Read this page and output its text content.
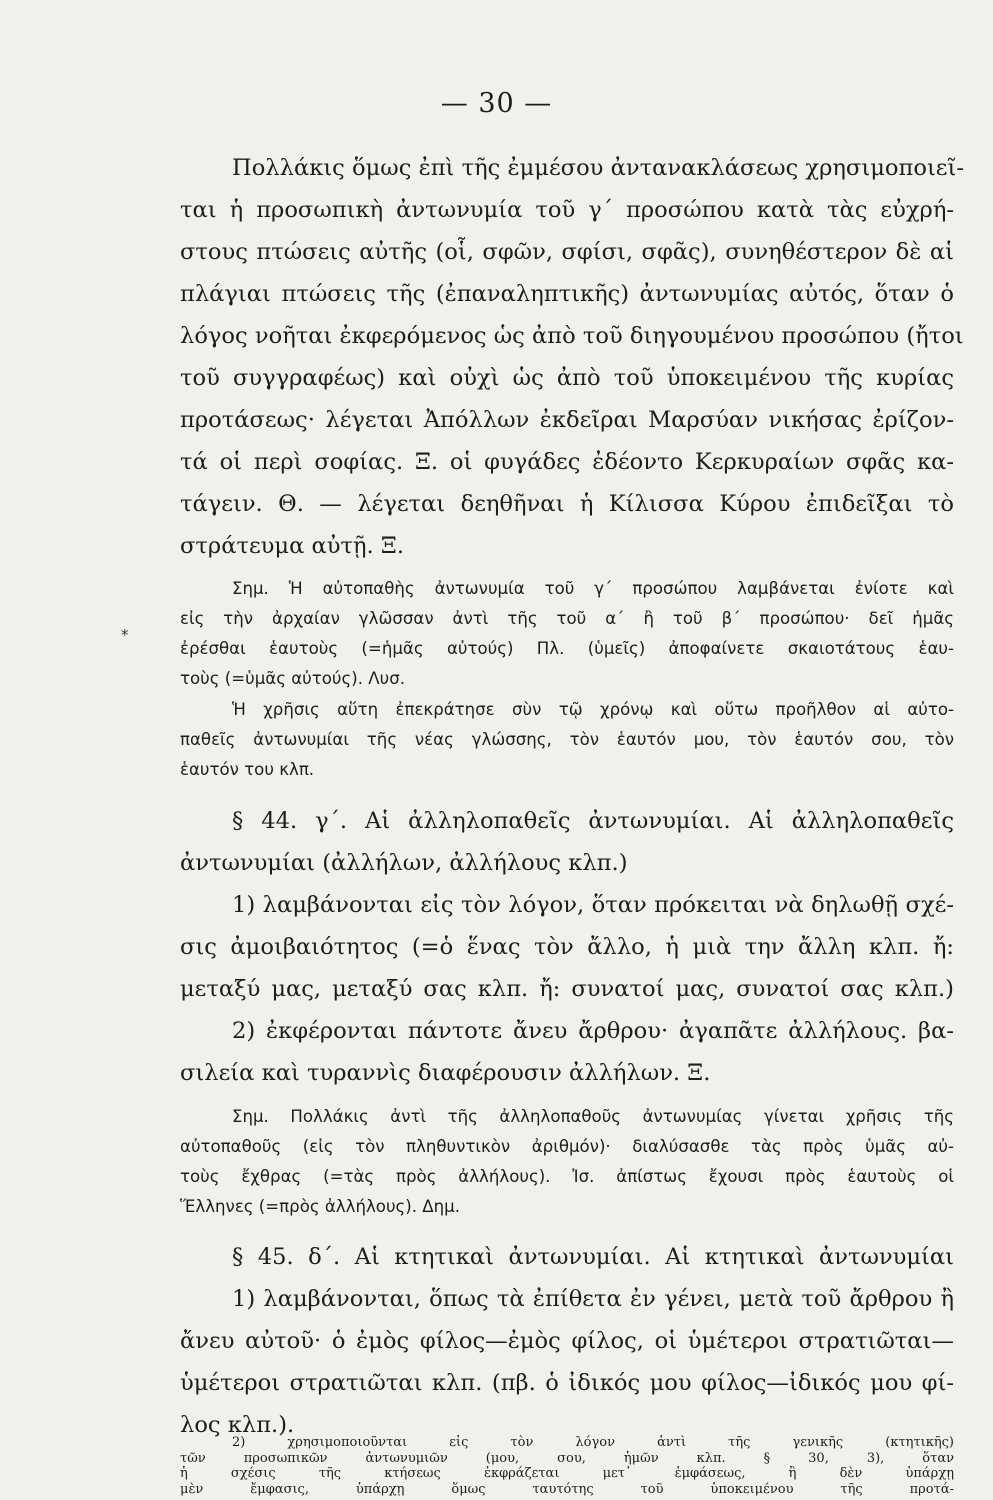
— 30 —
Πολλάκις ὅμως ἐπὶ τῆς ἐμμέσου ἀντανακλάσεως χρησιμοποιεῖ-
ται ἡ προσωπικὴ ἀντωνυμία τοῦ γ΄ προσώπου κατὰ τὰς εὐχρή-
στους πτώσεις αὐτῆς (οἷ, σφῶν, σφίσι, σφᾶς), συνηθέστερον δὲ αἱ
πλάγιαι πτώσεις τῆς (ἐπαναληπτικῆς) ἀντωνυμίας αὐτός, ὅταν ὁ
λόγος νοῆται ἐκφερόμενος ὡς ἀπὸ τοῦ διηγουμένου προσώπου (ἤτοι
τοῦ συγγραφέως) καὶ οὐχὶ ὡς ἀπὸ τοῦ ὑποκειμένου τῆς κυρίας
προτάσεως· λέγεται Ἀπόλλων ἐκδεῖραι Μαρσύαν νικήσας ἐρίζον-
τά οἱ περὶ σοφίας. Ξ. οἱ φυγάδες ἐδέοντο Κερκυραίων σφᾶς κα-
τάγειν. Θ. — λέγεται δεηθῆναι ἡ Κίλισσα Κύρου ἐπιδεῖξαι τὸ
στράτευμα αὐτῇ. Ξ.
Σημ. Ἡ αὐτοπαθὴς ἀντωνυμία τοῦ γ΄ προσώπου λαμβάνεται ἐνίοτε καὶ
εἰς τὴν ἀρχαίαν γλῶσσαν ἀντὶ τῆς τοῦ α΄ ἢ τοῦ β΄ προσώπου· δεῖ ἡμᾶς
ἐρέσθαι ἑαυτοὺς (=ἡμᾶς αὐτούς) Πλ. (ὑμεῖς) ἀποφαίνετε σκαιοτάτους ἑαυ-
τοὺς (=ὑμᾶς αὐτούς). Λυσ.
Ἡ χρῆσις αὕτη ἐπεκράτησε σὺν τῷ χρόνῳ καὶ οὕτω προῆλθον αἱ αὐτο-
παθεῖς ἀντωνυμίαι τῆς νέας γλώσσης, τὸν ἑαυτόν μου, τὸν ἑαυτόν σου, τὸν
ἑαυτόν του κλπ.
*
§ 44. γ΄. Αἱ ἀλληλοπαθεῖς ἀντωνυμίαι. Αἱ ἀλληλοπαθεῖς
ἀντωνυμίαι (ἀλλήλων, ἀλλήλους κλπ.)
1) λαμβάνονται εἰς τὸν λόγον, ὅταν πρόκειται νὰ δηλωθῇ σχέ-
σις ἀμοιβαιότητος (=ὁ ἕνας τὸν ἄλλο, ἡ μιὰ την ἄλλη κλπ. ἤ:
μεταξύ μας, μεταξύ σας κλπ. ἤ: συνατοί μας, συνατοί σας κλπ.)
2) ἐκφέρονται πάντοτε ἄνευ ἄρθρου· ἀγαπᾶτε ἀλλήλους. βα-
σιλεία καὶ τυραννὶς διαφέρουσιν ἀλλήλων. Ξ.
Σημ. Πολλάκις ἀντὶ τῆς ἀλληλοπαθοῦς ἀντωνυμίας γίνεται χρῆσις τῆς
αὐτοπαθοῦς (εἰς τὸν πληθυντικὸν ἀριθμόν)· διαλύσασθε τὰς πρὸς ὑμᾶς αὐ-
τοὺς ἔχθρας (=τὰς πρὸς ἀλλήλους). Ἰσ. ἀπίστως ἔχουσι πρὸς ἑαυτοὺς οἱ
Ἕλληνες (=πρὸς ἀλλήλους). Δημ.
§ 45. δ΄. Αἱ κτητικαὶ ἀντωνυμίαι. Αἱ κτητικαὶ ἀντωνυμίαι
1) λαμβάνονται, ὅπως τὰ ἐπίθετα ἐν γένει, μετὰ τοῦ ἄρθρου ἢ
ἄνευ αὐτοῦ· ὁ ἐμὸς φίλος—ἐμὸς φίλος, οἱ ὑμέτεροι στρατιῶται—
ὑμέτεροι στρατιῶται κλπ. (πβ. ὁ ἰδικός μου φίλος—ἰδικός μου φί-
λος κλπ.).
2) χρησιμοποιοῦνται εἰς τὸν λόγον ἀντὶ τῆς γενικῆς (κτητικῆς)
τῶν προσωπικῶν ἀντωνυμιῶν (μου, σου, ἡμῶν κλπ. § 30, 3), ὅταν
ἡ σχέσις τῆς κτήσεως ἐκφράζεται μετ᾿ ἐμφάσεως, ἢ δὲν ὑπάρχῃ
μὲν ἔμφασις, ὑπάρχῃ ὅμως ταυτότης τοῦ ὑποκειμένου τῆς προτά-
